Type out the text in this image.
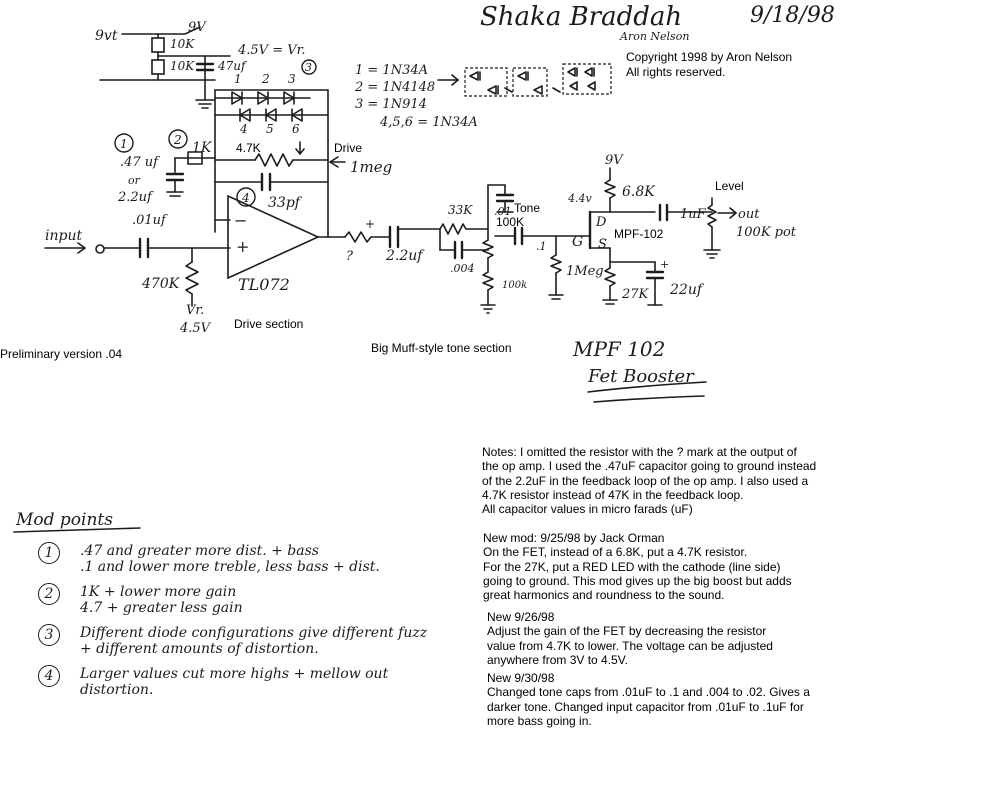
Shaka Braddah	9/18/98
Aron Nelson
Copyright 1998 by Aron Nelson
All rights reserved.
9vt
9V
10K	4.5V = Vr.
10K 47uf	1 = 1N34A
2 = 1N4148
3 = 1N914
4,5,6 = 1N34A
1 2 3
3
4 5 6
1	2 1K 4.7K	Drive
1meg
33pf
.47 uf
or
2.2uf	4
−
+
TL072
Drive section
input
.01uf
470K
Vr.
4.5V
+
? 2.2uf
33K .01 Tone
100K
.1
.004
100k
1Meg
Big Muff-style tone section
9V
6.8K
4.4v
D
G S
MPF-102
27K
+
22uf
1uF
Level
out
100K pot
MPF 102
Fet Booster
Preliminary version .04
Mod points
1	.47 and greater more dist. + bass
.1 and lower more treble, less bass + dist.
2	1K + lower more gain
4.7 + greater less gain
3	Different diode configurations give different fuzz
+ different amounts of distortion.
4	Larger values cut more highs + mellow out
distortion.
Notes: I omitted the resistor with the ? mark at the output of
the op amp. I used the .47uF capacitor going to ground instead
of the 2.2uF in the feedback loop of the op amp. I also used a
4.7K resistor instead of 47K in the feedback loop.
All capacitor values in micro farads (uF)
New mod: 9/25/98 by Jack Orman
On the FET, instead of a 6.8K, put a 4.7K resistor.
For the 27K, put a RED LED with the cathode (line side)
going to ground. This mod gives up the big boost but adds
great harmonics and roundness to the sound.
New 9/26/98
Adjust the gain of the FET by decreasing the resistor
value from 4.7K to lower. The voltage can be adjusted
anywhere from 3V to 4.5V.
New 9/30/98
Changed tone caps from .01uF to .1 and .004 to .02. Gives a
darker tone. Changed input capacitor from .01uF to .1uF for
more bass going in.
